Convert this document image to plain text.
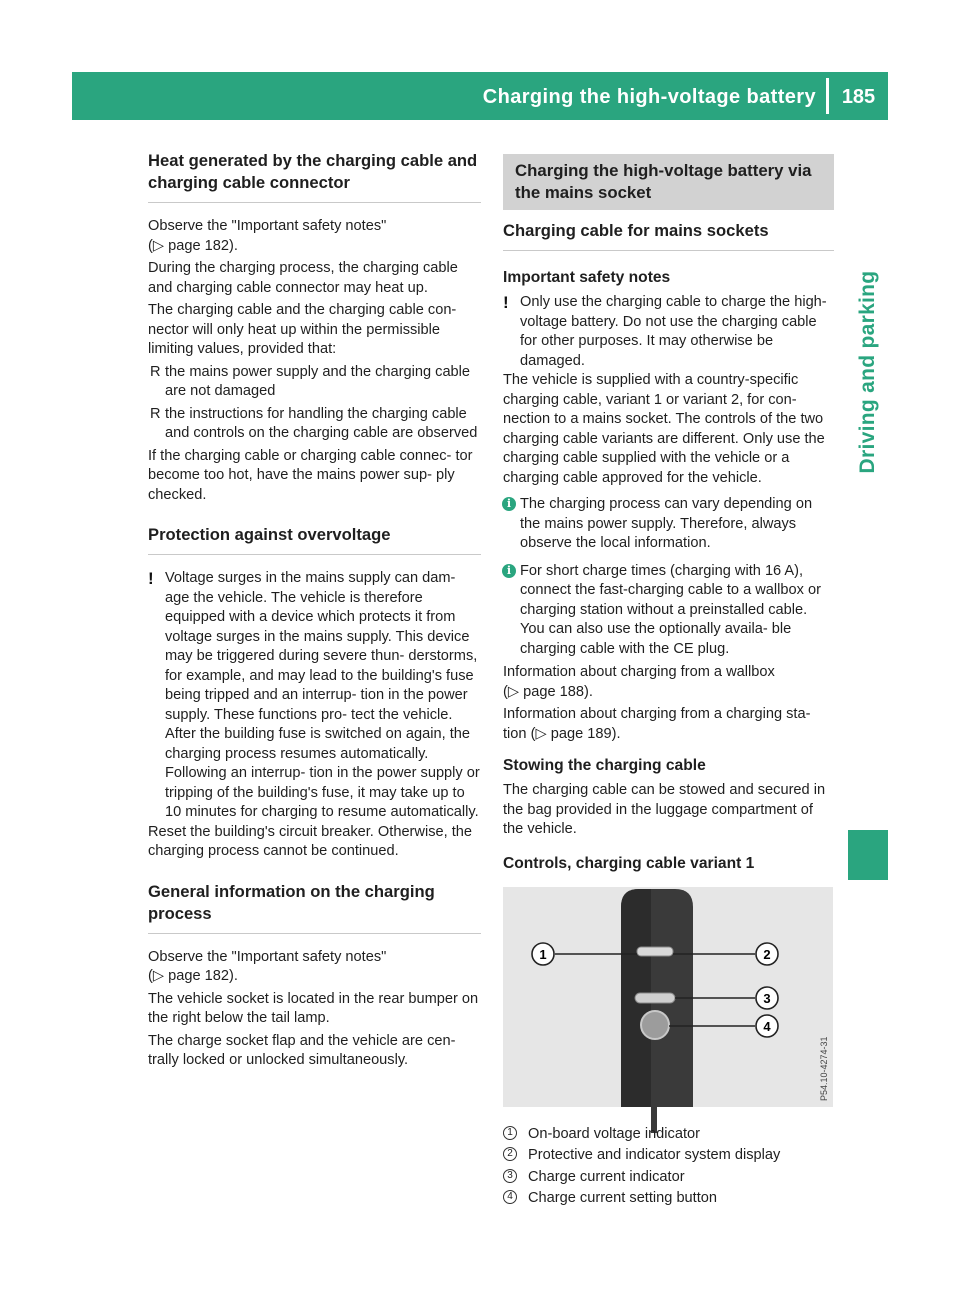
Charging the high-voltage battery	185
Driving and parking
Heat generated by the charging cable and charging cable connector

Observe the "Important safety notes"
(▷ page 182).

During the charging process, the charging cable and charging cable connector may heat up.

The charging cable and the charging cable con- nector will only heat up within the permissible limiting values, provided that:

R the mains power supply and the charging cable are not damaged
R the instructions for handling the charging cable and controls on the charging cable are observed

If the charging cable or charging cable connec- tor become too hot, have the mains power sup- ply checked.

Protection against overvoltage
! Voltage surges in the mains supply can dam- age the vehicle. The vehicle is therefore equipped with a device which protects it from voltage surges in the mains supply. This device may be triggered during severe thun- derstorms, for example, and may lead to the building's fuse being tripped and an interrup- tion in the power supply. These functions pro- tect the vehicle. After the building fuse is switched on again, the charging process resumes automatically. Following an interrup- tion in the power supply or tripping of the building's fuse, it may take up to 10 minutes for charging to resume automatically.

Reset the building's circuit breaker. Otherwise, the charging process cannot be continued.

General information on the charging process

Observe the "Important safety notes"
(▷ page 182).

The vehicle socket is located in the rear bumper on the right below the tail lamp.

The charge socket flap and the vehicle are cen- trally locked or unlocked simultaneously.

Charging the high-voltage battery via the mains socket
Charging cable for mains sockets
Important safety notes
! Only use the charging cable to charge the high-voltage battery. Do not use the charging cable for other purposes. It may otherwise be damaged.

The vehicle is supplied with a country-specific charging cable, variant 1 or variant 2, for con- nection to a mains socket. The controls of the two charging cable variants are different. Only use the charging cable supplied with the vehicle or a charging cable approved for the vehicle.

i The charging process can vary depending on the mains power supply. Therefore, always observe the local information.
i For short charge times (charging with 16 A), connect the fast-charging cable to a wallbox or charging station without a preinstalled cable. You can also use the optionally availa- ble charging cable with the CE plug.

Information about charging from a wallbox
(▷ page 188).

Information about charging from a charging sta- tion (▷ page 189).

Stowing the charging cable

The charging cable can be stowed and secured in the bag provided in the luggage compartment of the vehicle.

Controls, charging cable variant 1
1	2
3
4
P54.10-4274-31
1 On-board voltage indicator
2 Protective and indicator system display
3 Charge current indicator
4 Charge current setting button
